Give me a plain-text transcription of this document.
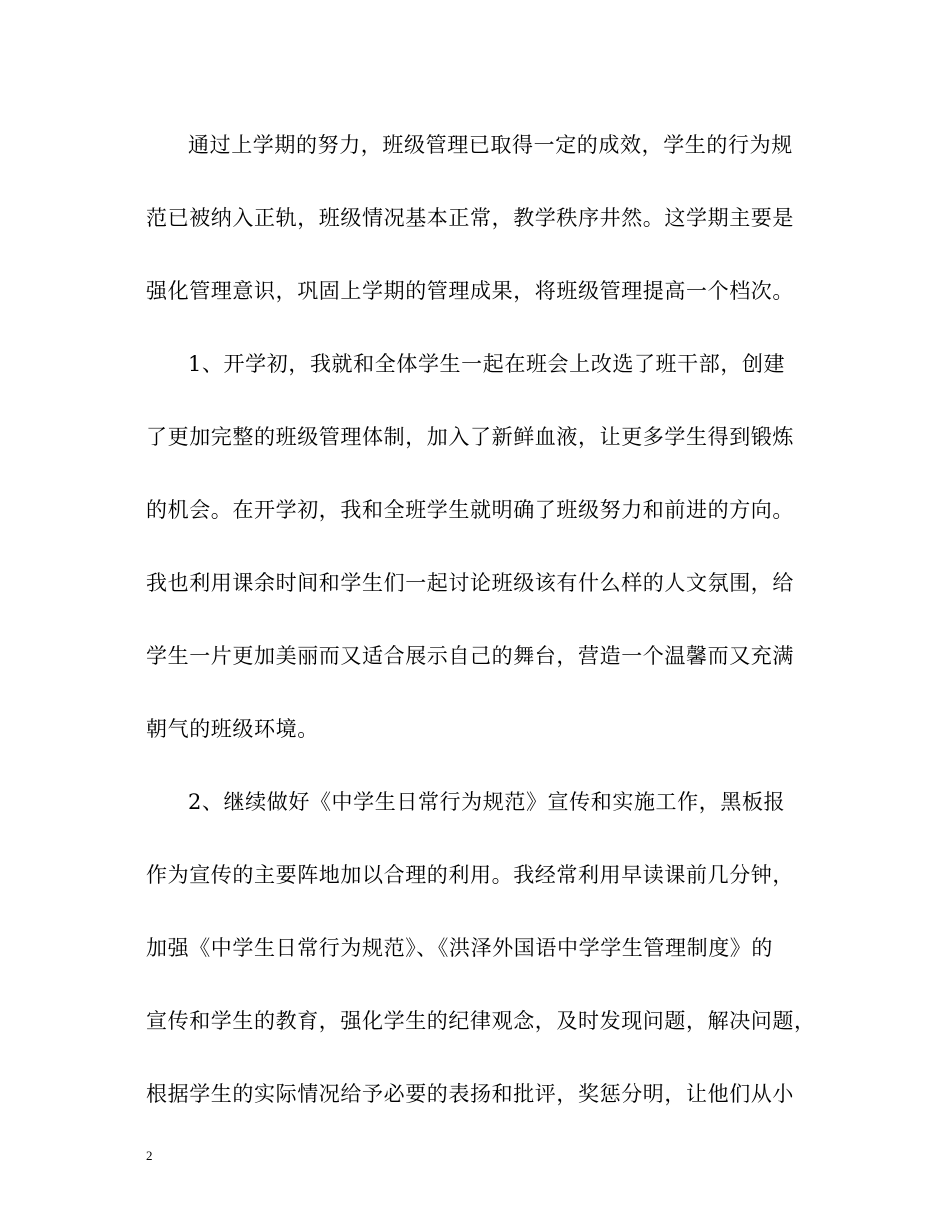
通过上学期的努力，班级管理已取得一定的成效，学生的行为规
范已被纳入正轨，班级情况基本正常，教学秩序井然。这学期主要是
强化管理意识，巩固上学期的管理成果，将班级管理提高一个档次。
1、开学初，我就和全体学生一起在班会上改选了班干部，创建
了更加完整的班级管理体制，加入了新鲜血液，让更多学生得到锻炼
的机会。在开学初，我和全班学生就明确了班级努力和前进的方向。
我也利用课余时间和学生们一起讨论班级该有什么样的人文氛围，给
学生一片更加美丽而又适合展示自己的舞台，营造一个温馨而又充满
朝气的班级环境。
2、继续做好《中学生日常行为规范》宣传和实施工作，黑板报
作为宣传的主要阵地加以合理的利用。我经常利用早读课前几分钟，
加强《中学生日常行为规范》、《洪泽外国语中学学生管理制度》的
宣传和学生的教育，强化学生的纪律观念，及时发现问题，解决问题，
根据学生的实际情况给予必要的表扬和批评，奖惩分明，让他们从小
2
